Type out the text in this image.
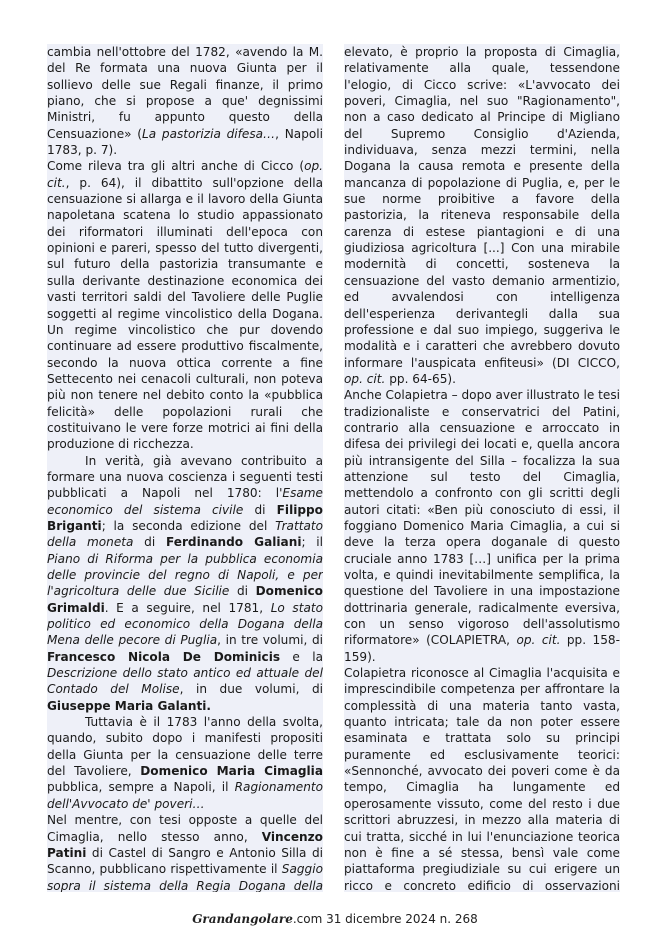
cambia nell'ottobre del 1782, «avendo la M. del Re formata una nuova Giunta per il sollievo delle sue Regali finanze, il primo piano, che si propose a que' degnissimi Ministri, fu appunto questo della Censuazione» (La pastorizia difesa…, Napoli 1783, p. 7).

Come rileva tra gli altri anche di Cicco (op. cit., p. 64), il dibattito sull'opzione della censuazione si allarga e il lavoro della Giunta napoletana scatena lo studio appassionato dei riformatori illuminati dell'epoca con opinioni e pareri, spesso del tutto divergenti, sul futuro della pastorizia transumante e sulla derivante destinazione economica dei vasti territori saldi del Tavoliere delle Puglie soggetti al regime vincolistico della Dogana. Un regime vincolistico che pur dovendo continuare ad essere produttivo fiscalmente, secondo la nuova ottica corrente a fine Settecento nei cenacoli culturali, non poteva più non tenere nel debito conto la «pubblica felicità» delle popolazioni rurali che costituivano le vere forze motrici ai fini della produzione di ricchezza.

In verità, già avevano contribuito a formare una nuova coscienza i seguenti testi pubblicati a Napoli nel 1780: l'Esame economico del sistema civile di Filippo Briganti; la seconda edizione del Trattato della moneta di Ferdinando Galiani; il Piano di Riforma per la pubblica economia delle provincie del regno di Napoli, e per l'agricoltura delle due Sicilie di Domenico Grimaldi. E a seguire, nel 1781, Lo stato politico ed economico della Dogana della Mena delle pecore di Puglia, in tre volumi, di Francesco Nicola De Dominicis e la Descrizione dello stato antico ed attuale del Contado del Molise, in due volumi, di Giuseppe Maria Galanti.

Tuttavia è il 1783 l'anno della svolta, quando, subito dopo i manifesti propositi della Giunta per la censuazione delle terre del Tavoliere, Domenico Maria Cimaglia pubblica, sempre a Napoli, il Ragionamento dell'Avvocato de' poveri…

Nel mentre, con tesi opposte a quelle del Cimaglia, nello stesso anno, Vincenzo Patini di Castel di Sangro e Antonio Silla di Scanno, pubblicano rispettivamente il Saggio sopra il sistema della Regia Dogana della

elevato, è proprio la proposta di Cimaglia, relativamente alla quale, tessendone l'elogio, di Cicco scrive: «L'avvocato dei poveri, Cimaglia, nel suo "Ragionamento", non a caso dedicato al Principe di Migliano del Supremo Consiglio d'Azienda, individuava, senza mezzi termini, nella Dogana la causa remota e presente della mancanza di popolazione di Puglia, e, per le sue norme proibitive a favore della pastorizia, la riteneva responsabile della carenza di estese piantagioni e di una giudiziosa agricoltura [...] Con una mirabile modernità di concetti, sosteneva la censuazione del vasto demanio armentizio, ed avvalendosi con intelligenza dell'esperienza derivantegli dalla sua professione e dal suo impiego, suggeriva le modalità e i caratteri che avrebbero dovuto informare l'auspicata enfiteusi» (DI CICCO, op. cit. pp. 64-65).

Anche Colapietra – dopo aver illustrato le tesi tradizionaliste e conservatrici del Patini, contrario alla censuazione e arroccato in difesa dei privilegi dei locati e, quella ancora più intransigente del Silla – focalizza la sua attenzione sul testo del Cimaglia, mettendolo a confronto con gli scritti degli autori citati: «Ben più conosciuto di essi, il foggiano Domenico Maria Cimaglia, a cui si deve la terza opera doganale di questo cruciale anno 1783 […] unifica per la prima volta, e quindi inevitabilmente semplifica, la questione del Tavoliere in una impostazione dottrinaria generale, radicalmente eversiva, con un senso vigoroso dell'assolutismo riformatore» (COLAPIETRA, op. cit. pp. 158-159).

Colapietra riconosce al Cimaglia l'acquisita e imprescindibile competenza per affrontare la complessità di una materia tanto vasta, quanto intricata; tale da non poter essere esaminata e trattata solo su principi puramente ed esclusivamente teorici: «Sennonché, avvocato dei poveri come è da tempo, Cimaglia ha lungamente ed operosamente vissuto, come del resto i due scrittori abruzzesi, in mezzo alla materia di cui tratta, sicché in lui l'enunciazione teorica non è fine a sé stessa, bensì vale come piattaforma pregiudiziale su cui erigere un ricco e concreto edificio di osservazioni

Grandangolare.com 31 dicembre 2024 n. 268
